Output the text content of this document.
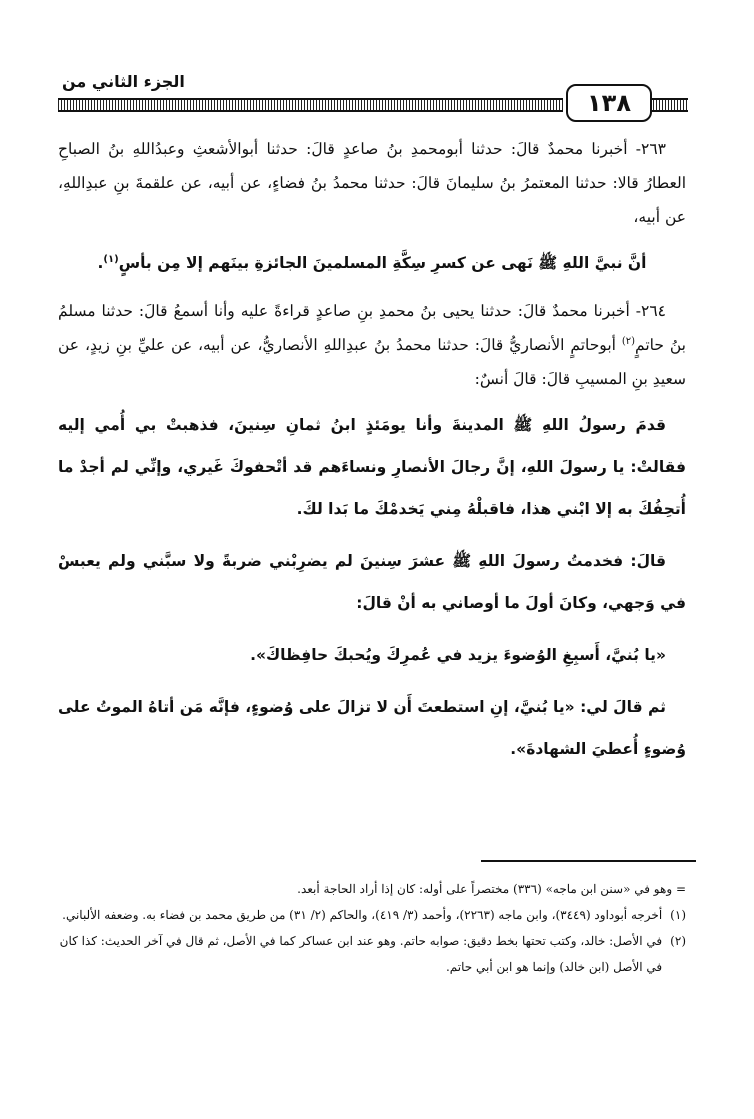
١٣٨
الجزء الثاني من

٢٦٣- أخبرنا محمدٌ قالَ: حدثنا أبومحمدِ بنُ صاعدٍ قالَ: حدثنا أبوالأشعثِ وعبدُاللهِ بنُ الصباحِ العطارُ قالا: حدثنا المعتمرُ بنُ سليمانَ قالَ: حدثنا محمدُ بنُ فضاءٍ، عن أبيه، عن علقمةَ بنِ عبدِاللهِ، عن أبيه،

أنَّ نبيَّ اللهِ ﷺ نَهى عن كسرِ سِكَّةِ المسلمينَ الجائزةِ بينَهم إلا مِن بأسٍ$^{(١)}$.

٢٦٤- أخبرنا محمدٌ قالَ: حدثنا يحيى بنُ محمدِ بنِ صاعدٍ قراءةً عليه وأنا أسمعُ قالَ: حدثنا مسلمُ بنُ حاتمٍ$^{(٢)}$ أبوحاتمٍ الأنصاريُّ قالَ: حدثنا محمدُ بنُ عبدِاللهِ الأنصاريُّ، عن أبيه، عن عليِّ بنِ زيدٍ، عن سعيدِ بنِ المسيبِ قالَ: قالَ أنسٌ:

قدمَ رسولُ اللهِ ﷺ المدينةَ وأنا يومَئذٍ ابنُ ثمانِ سِنينَ، فذهبتْ بي أُمي إليه فقالتْ: يا رسولَ اللهِ، إنَّ رجالَ الأنصارِ ونساءَهم قد أتْحفوكَ غَيري، وإنِّي لم أجدْ ما أُتحِفُكَ به إلا ابْني هذا، فاقبلْهُ مِني يَخدمْكَ ما بَدا لكَ.

قالَ: فخدمتُ رسولَ اللهِ ﷺ عشرَ سِنينَ لم يضرِبْني ضربةً ولا سبَّني ولم يعبسْ في وَجهي، وكانَ أولَ ما أوصاني به أنْ قالَ:

«يا بُنيَّ، أَسبِغِ الوُضوءَ يزيد في عُمرِكَ ويُحبكَ حافِظاكَ».

ثم قالَ لي: «يا بُنيَّ، إنِ استطعتَ أَن لا تزالَ على وُضوءٍ، فإنَّه مَن أتاهُ الموتُ على وُضوءٍ أُعطيَ الشهادةَ».

= وهو في «سنن ابن ماجه» (٣٣٦) مختصراً على أوله: كان إذا أراد الحاجة أبعد.

(١)
أخرجه أبوداود (٣٤٤٩)، وابن ماجه (٢٢٦٣)، وأحمد (٣/ ٤١٩)، والحاكم (٢/ ٣١) من طريق محمد بن فضاء به. وضعفه الألباني.
(٢)
في الأصل: خالد، وكتب تحتها بخط دقيق: صوابه حاتم. وهو عند ابن عساكر كما في الأصل، ثم قال في آخر الحديث: كذا كان في الأصل (ابن خالد) وإنما هو ابن أبي حاتم.
